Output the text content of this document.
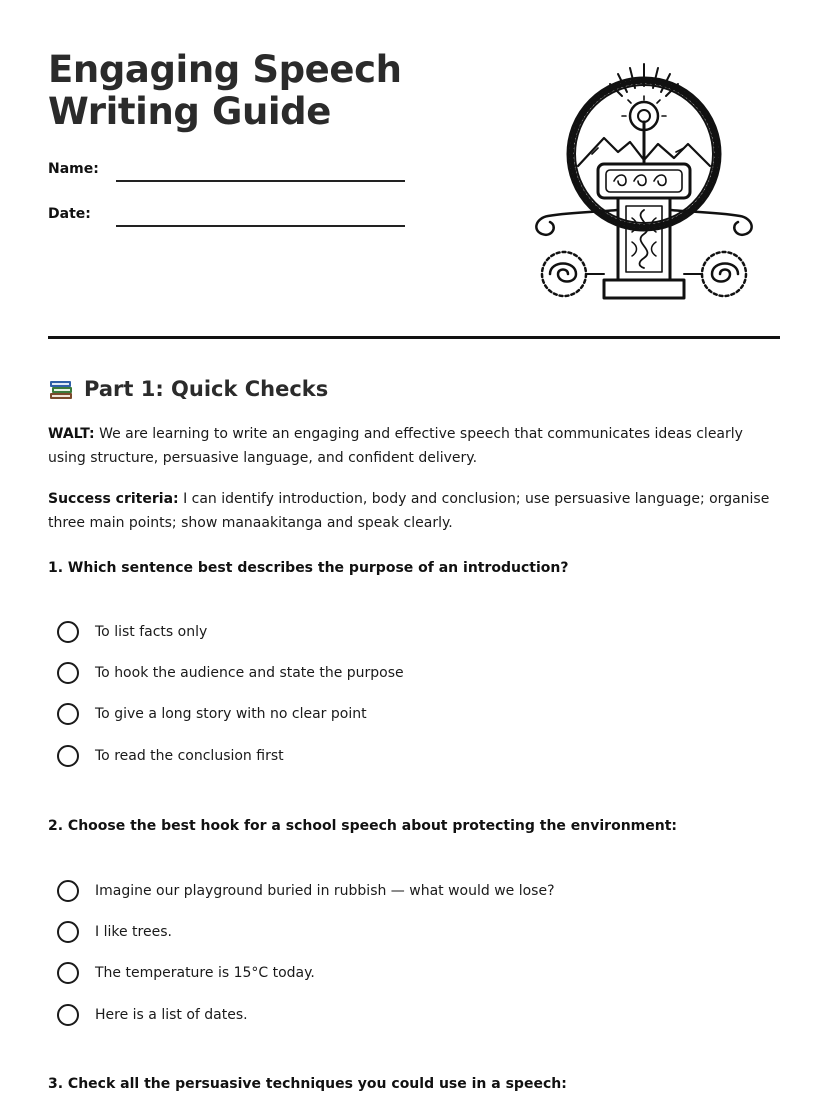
Engaging Speech
Writing Guide
Name:
Date:
Part 1: Quick Checks

WALT: We are learning to write an engaging and effective speech that communicates ideas clearly using structure, persuasive language, and confident delivery.

Success criteria: I can identify introduction, body and conclusion; use persuasive language; organise three main points; show manaakitanga and speak clearly.

1. Which sentence best describes the purpose of an introduction?

To list facts only
To hook the audience and state the purpose
To give a long story with no clear point
To read the conclusion first

2. Choose the best hook for a school speech about protecting the environment:

Imagine our playground buried in rubbish — what would we lose?
I like trees.
The temperature is 15°C today.
Here is a list of dates.

3. Check all the persuasive techniques you could use in a speech:
